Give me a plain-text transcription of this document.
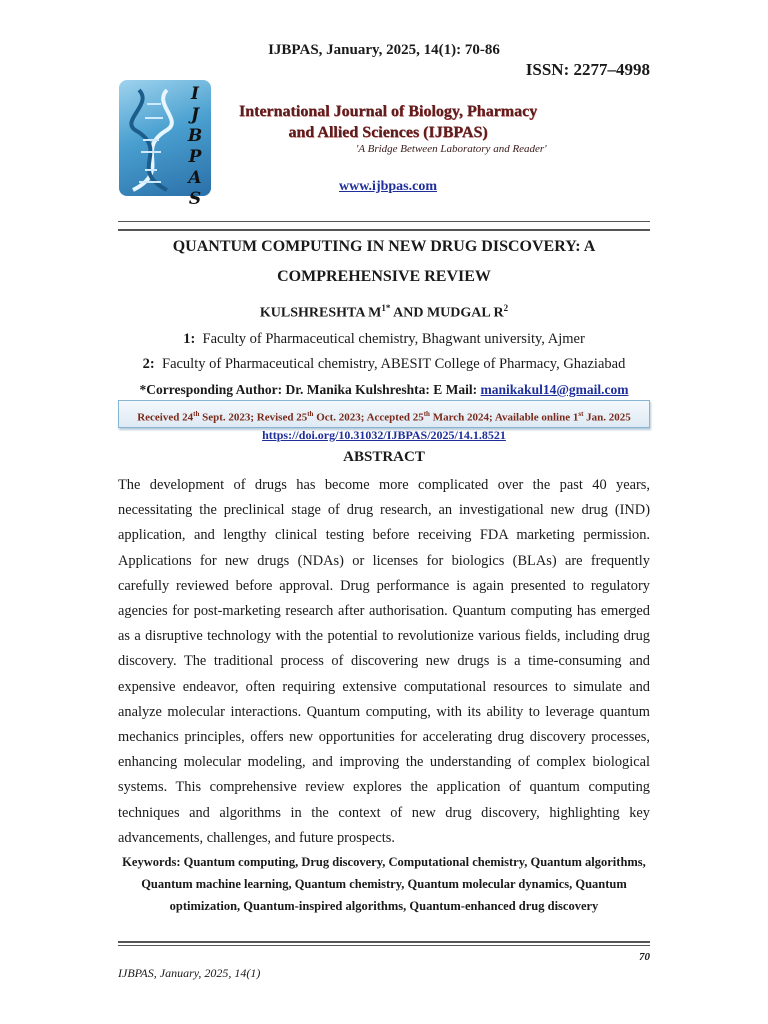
IJBPAS, January, 2025, 14(1): 70-86
ISSN: 2277–4998
I
J
B
P
A
S
International Journal of Biology, Pharmacy
and Allied Sciences (IJBPAS)
'A Bridge Between Laboratory and Reader'
www.ijbpas.com
QUANTUM COMPUTING IN NEW DRUG DISCOVERY: A
COMPREHENSIVE REVIEW
KULSHRESHTA $M^{1*}$ AND MUDGAL $R^2$
1: Faculty of Pharmaceutical chemistry, Bhagwant university, Ajmer
2: Faculty of Pharmaceutical chemistry, ABESIT College of Pharmacy, Ghaziabad
*Corresponding Author: Dr. Manika Kulshreshta: E Mail: manikakul14@gmail.com
Received 24th Sept. 2023; Revised 25th Oct. 2023; Accepted 25th March 2024; Available online 1st Jan. 2025
https://doi.org/10.31032/IJBPAS/2025/14.1.8521
ABSTRACT
The development of drugs has become more complicated over the past 40 years, necessitating the preclinical stage of drug research, an investigational new drug (IND) application, and lengthy clinical testing before receiving FDA marketing permission. Applications for new drugs (NDAs) or licenses for biologics (BLAs) are frequently carefully reviewed before approval. Drug performance is again presented to regulatory agencies for post-marketing research after authorisation. Quantum computing has emerged as a disruptive technology with the potential to revolutionize various fields, including drug discovery. The traditional process of discovering new drugs is a time-consuming and expensive endeavor, often requiring extensive computational resources to simulate and analyze molecular interactions. Quantum computing, with its ability to leverage quantum mechanics principles, offers new opportunities for accelerating drug discovery processes, enhancing molecular modeling, and improving the understanding of complex biological systems. This comprehensive review explores the application of quantum computing techniques and algorithms in the context of new drug discovery, highlighting key advancements, challenges, and future prospects.
Keywords: Quantum computing, Drug discovery, Computational chemistry, Quantum algorithms, Quantum machine learning, Quantum chemistry, Quantum molecular dynamics, Quantum optimization, Quantum-inspired algorithms, Quantum-enhanced drug discovery
70
IJBPAS, January, 2025, 14(1)
